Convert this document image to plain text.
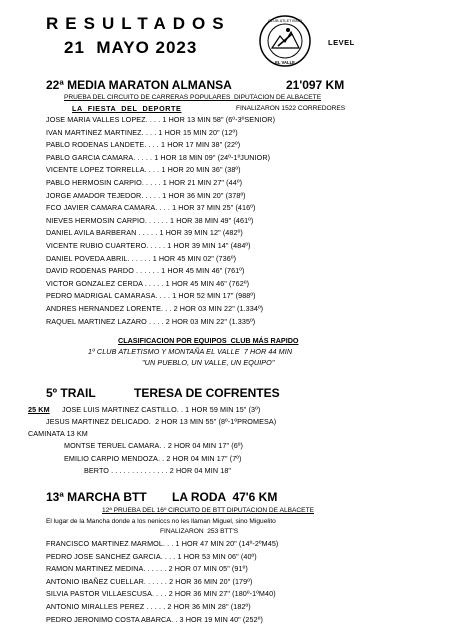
RESULTADOS
21  MAYO 2023
CLUB ATLETISMO
EL VALLE
LEVEL
22ª MEDIA MARATON ALMANSA	21'097 KM
PRUEBA DEL CIRCUITO DE CARRERAS POPULARES  DIPUTACION DE ALBACETE
LA  FIESTA  DEL  DEPORTE	FINALIZARON 1522 CORREDORES
JOSE MARIA VALLES LOPEZ. . . . 1 HOR 13 MIN 58" (6º-3ºSENIOR)
IVAN MARTINEZ MARTINEZ. . . . 1 HOR 15 MIN 20" (12º)
PABLO RODENAS LANDETE. . . . 1 HOR 17 MIN 38" (22º)
PABLO GARCIA CAMARA. . . . . 1 HOR 18 MIN 09" (24º-1ºJUNIOR)
VICENTE LOPEZ TORRELLA. . . . 1 HOR 20 MIN 36" (38º)
PABLO HERMOSIN CARPIO. . . . . 1 HOR 21 MIN 27" (44º)
JORGE AMADOR TEJEDOR. . . . . 1 HOR 36 MIN 20" (378º)
FCO JAVIER CAMARA CAMARA. . . . 1 HOR 37 MIN 25" (416º)
NIEVES HERMOSIN CARPIO. . . . . . 1 HOR 38 MIN 49" (461º)
DANIEL AVILA BARBERAN . . . . . 1 HOR 39 MIN 12" (482º)
VICENTE RUBIO CUARTERO. . . . . 1 HOR 39 MIN 14" (484º)
DANIEL POVEDA ABRIL. . . . . . 1 HOR 45 MIN 02" (736º)
DAVID RODENAS PARDO . . . . . . 1 HOR 45 MIN 46" (761º)
VICTOR GONZALEZ CERDA . . . . . 1 HOR 45 MIN 46" (762º)
PEDRO MADRIGAL CAMARASA. . . . 1 HOR 52 MIN 17" (988º)
ANDRES HERNANDEZ LORENTE. . . 2 HOR 03 MIN 22" (1.334º)
RAQUEL MARTINEZ LAZARO . . . . 2 HOR 03 MIN 22" (1.335º)
CLASIFICACION POR EQUIPOS  CLUB MÁS RAPIDO
1º CLUB ATLETISMO Y MONTAÑA EL VALLE  7 HOR 44 MIN
"UN PUEBLO, UN VALLE, UN EQUIPO"
5º TRAIL	TERESA DE COFRENTES
25 KM JOSE LUIS MARTINEZ CASTILLO. . 1 HOR 59 MIN 15" (3º)
JESUS MARTINEZ DELICADO.  2 HOR 13 MIN 55" (8º-1ºPROMESA)
CAMINATA 13 KM
MONTSE TERUEL CAMARA. . 2 HOR 04 MIN 17" (6º)
EMILIO CARPIO MENDOZA. . 2 HOR 04 MIN 17" (7º)
BERTO . . . . . . . . . . . . . . 2 HOR 04 MIN 18"
13ª MARCHA BTT LA RODA  47'6 KM
12ª PRUEBA DEL 16º CIRCUITO DE BTT DIPUTACION DE ALBACETE
El lugar de la Mancha donde a los neniccs no les llaman Miguel, sino Miguelito
FINALIZARON  253 BTT'S
FRANCISCO MARTINEZ MARMOL. . . 1 HOR 47 MIN 20" (14º-2ºM45)
PEDRO JOSE SANCHEZ GARCIA. . . . 1 HOR 53 MIN 06" (40º)
RAMON MARTINEZ MEDINA. . . . . . 2 HOR 07 MIN 05" (91º)
ANTONIO IBAÑEZ CUELLAR. . . . . . 2 HOR 36 MIN 20" (179º)
SILVIA PASTOR VILLAESCUSA. . . . 2 HOR 36 MIN 27" (180º-1ºM40)
ANTONIO MIRALLES PEREZ . . . . . 2 HOR 36 MIN 28" (182º)
PEDRO JERONIMO COSTA ABARCA. . 3 HOR 19 MIN 40" (252º)
